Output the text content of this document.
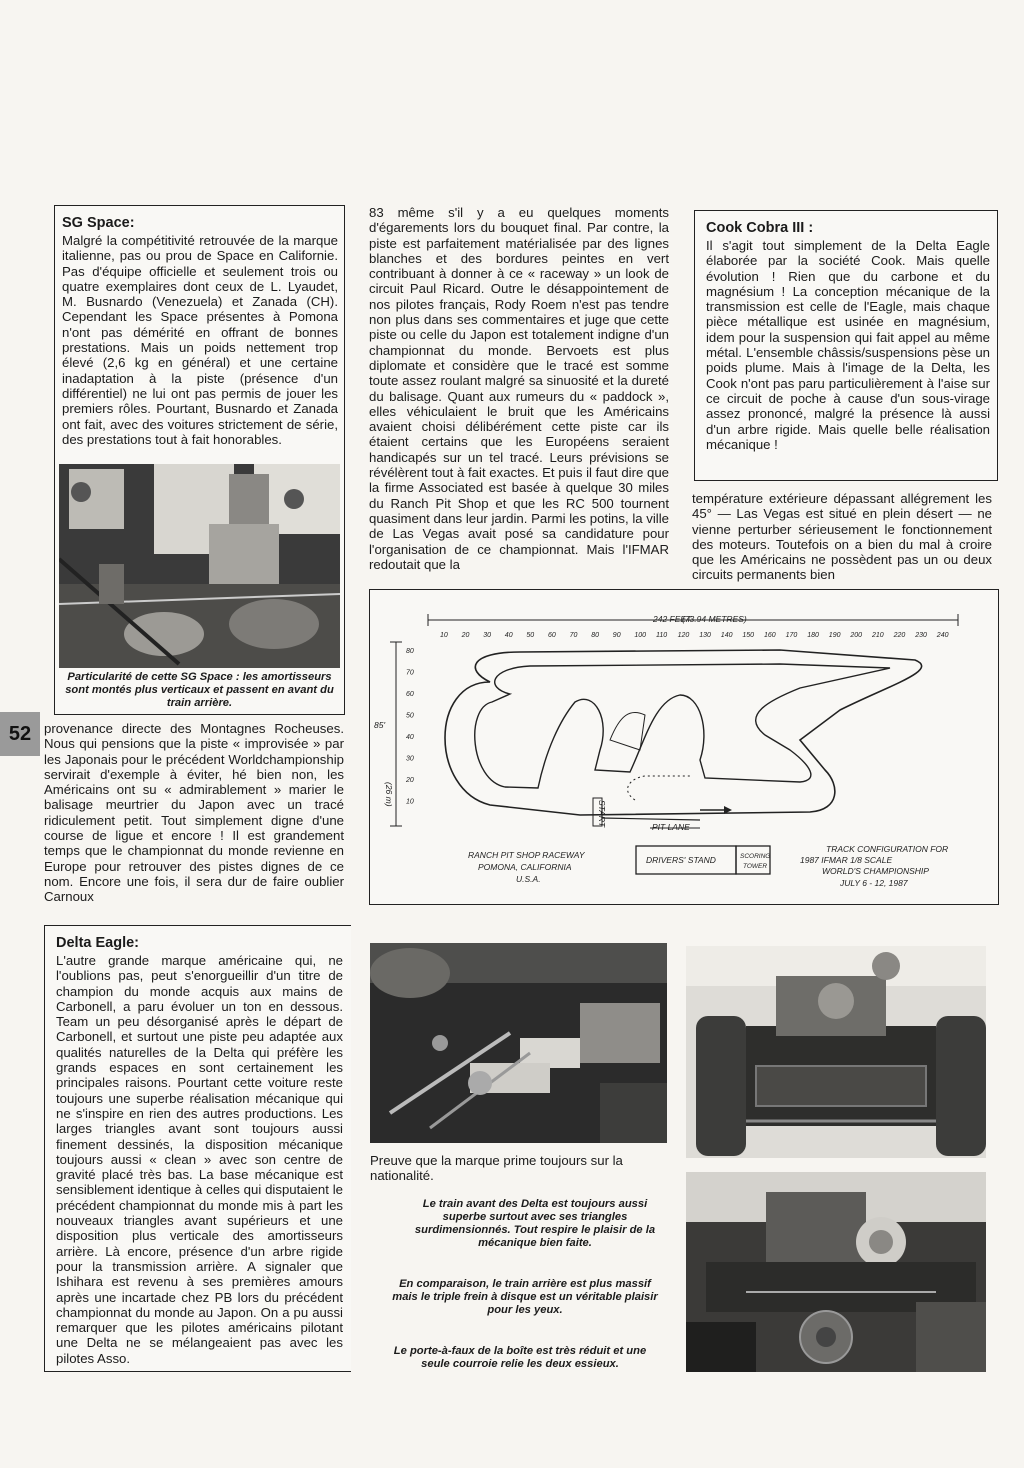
SG Space:

Malgré la compétitivité retrouvée de la marque italienne, pas ou prou de Space en Californie. Pas d'équipe officielle et seulement trois ou quatre exemplaires dont ceux de L. Lyaudet, M. Busnardo (Venezuela) et Zanada (CH). Cependant les Space présentes à Pomona n'ont pas démérité en offrant de bonnes prestations. Mais un poids nettement trop élevé (2,6 kg en général) et une certaine inadaptation à la piste (présence d'un différentiel) ne lui ont pas permis de jouer les premiers rôles. Pourtant, Busnardo et Zanada ont fait, avec des voitures strictement de série, des prestations tout à fait honorables.

Particularité de cette SG Space : les amortisseurs sont montés plus verticaux et passent en avant du train arrière.
52 provenance directe des Montagnes Rocheuses. Nous qui pensions que la piste « improvisée » par les Japonais pour le précédent Worldchampionship servirait d'exemple à éviter, hé bien non, les Américains ont su « admirablement » marier le balisage meurtrier du Japon avec un tracé ridiculement petit. Tout simplement digne d'une course de ligue et encore ! Il est grandement temps que le championnat du monde revienne en Europe pour retrouver des pistes dignes de ce nom. Encore une fois, il sera dur de faire oublier Carnoux

83 même s'il y a eu quelques moments d'égarements lors du bouquet final. Par contre, la piste est parfaitement matérialisée par des lignes blanches et des bordures peintes en vert contribuant à donner à ce « raceway » un look de circuit Paul Ricard. Outre le désappointement de nos pilotes français, Rody Roem n'est pas tendre non plus dans ses commentaires et juge que cette piste ou celle du Japon est totalement indigne d'un championnat du monde. Bervoets est plus diplomate et considère que le tracé est somme toute assez roulant malgré sa sinuosité et la dureté du balisage. Quant aux rumeurs du « paddock », elles véhiculaient le bruit que les Américains avaient choisi délibérément cette piste car ils étaient certains que les Européens seraient handicapés sur un tel tracé. Leurs prévisions se révélèrent tout à fait exactes. Et puis il faut dire que la firme Associated est basée à quelque 30 miles du Ranch Pit Shop et que les RC 500 tournent quasiment dans leur jardin. Parmi les potins, la ville de Las Vegas avait posé sa candidature pour l'organisation de ce championnat. Mais l'IFMAR redoutait que la

Cook Cobra III :

Il s'agit tout simplement de la Delta Eagle élaborée par la société Cook. Mais quelle évolution ! Rien que du carbone et du magnésium ! La conception mécanique de la transmission est celle de l'Eagle, mais chaque pièce métallique est usinée en magnésium, idem pour la suspension qui fait appel au même métal. L'ensemble châssis/suspensions pèse un poids plume. Mais à l'image de la Delta, les Cook n'ont pas paru particulièrement à l'aise sur ce circuit de poche à cause d'un sous-virage assez prononcé, malgré la présence là aussi d'un arbre rigide. Mais quelle belle réalisation mécanique !

température extérieure dépassant allégrement les 45° — Las Vegas est situé en plein désert — ne vienne perturber sérieusement le fonctionnement des moteurs. Toutefois on a bien du mal à croire que les Américains ne possèdent pas un ou deux circuits permanents bien

242 FEET
(73.94 METRES)
10 20 30 40 50 60 70 80 90 100 110 120 130 140 150 160 170 180 190 200 210 220 230 240
85'
(26 m)
80
70
60
50
40
30
20
10	START	PIT LANE
RANCH PIT SHOP RACEWAY
POMONA, CALIFORNIA
U.S.A.
DRIVERS' STAND	SCORING
TOWER
TRACK CONFIGURATION FOR
1987 IFMAR 1/8 SCALE
WORLD'S CHAMPIONSHIP
JULY 6 - 12, 1987
Delta Eagle:

L'autre grande marque américaine qui, ne l'oublions pas, peut s'enorgueillir d'un titre de champion du monde acquis aux mains de Carbonell, a paru évoluer un ton en dessous. Team un peu désorganisé après le départ de Carbonell, et surtout une piste peu adaptée aux qualités naturelles de la Delta qui préfère les grands espaces en sont certainement les principales raisons. Pourtant cette voiture reste toujours une superbe réalisation mécanique qui ne s'inspire en rien des autres productions. Les larges triangles avant sont toujours aussi finement dessinés, la disposition mécanique toujours aussi « clean » avec son centre de gravité placé très bas. La base mécanique est sensiblement identique à celles qui disputaient le précédent championnat du monde mis à part les nouveaux triangles avant supérieurs et une disposition plus verticale des amortisseurs arrière. Là encore, présence d'un arbre rigide pour la transmission arrière. A signaler que Ishihara est revenu à ses premières amours après une incartade chez PB lors du précédent championnat du monde au Japon. On a pu aussi remarquer que les pilotes américains pilotant une Delta ne se mélangeaient pas avec les pilotes Asso.

Preuve que la marque prime toujours sur la nationalité.
Le train avant des Delta est toujours aussi superbe surtout avec ses triangles surdimensionnés. Tout respire le plaisir de la mécanique bien faite.
En comparaison, le train arrière est plus massif mais le triple frein à disque est un véritable plaisir pour les yeux.
Le porte-à-faux de la boîte est très réduit et une seule courroie relie les deux essieux.
